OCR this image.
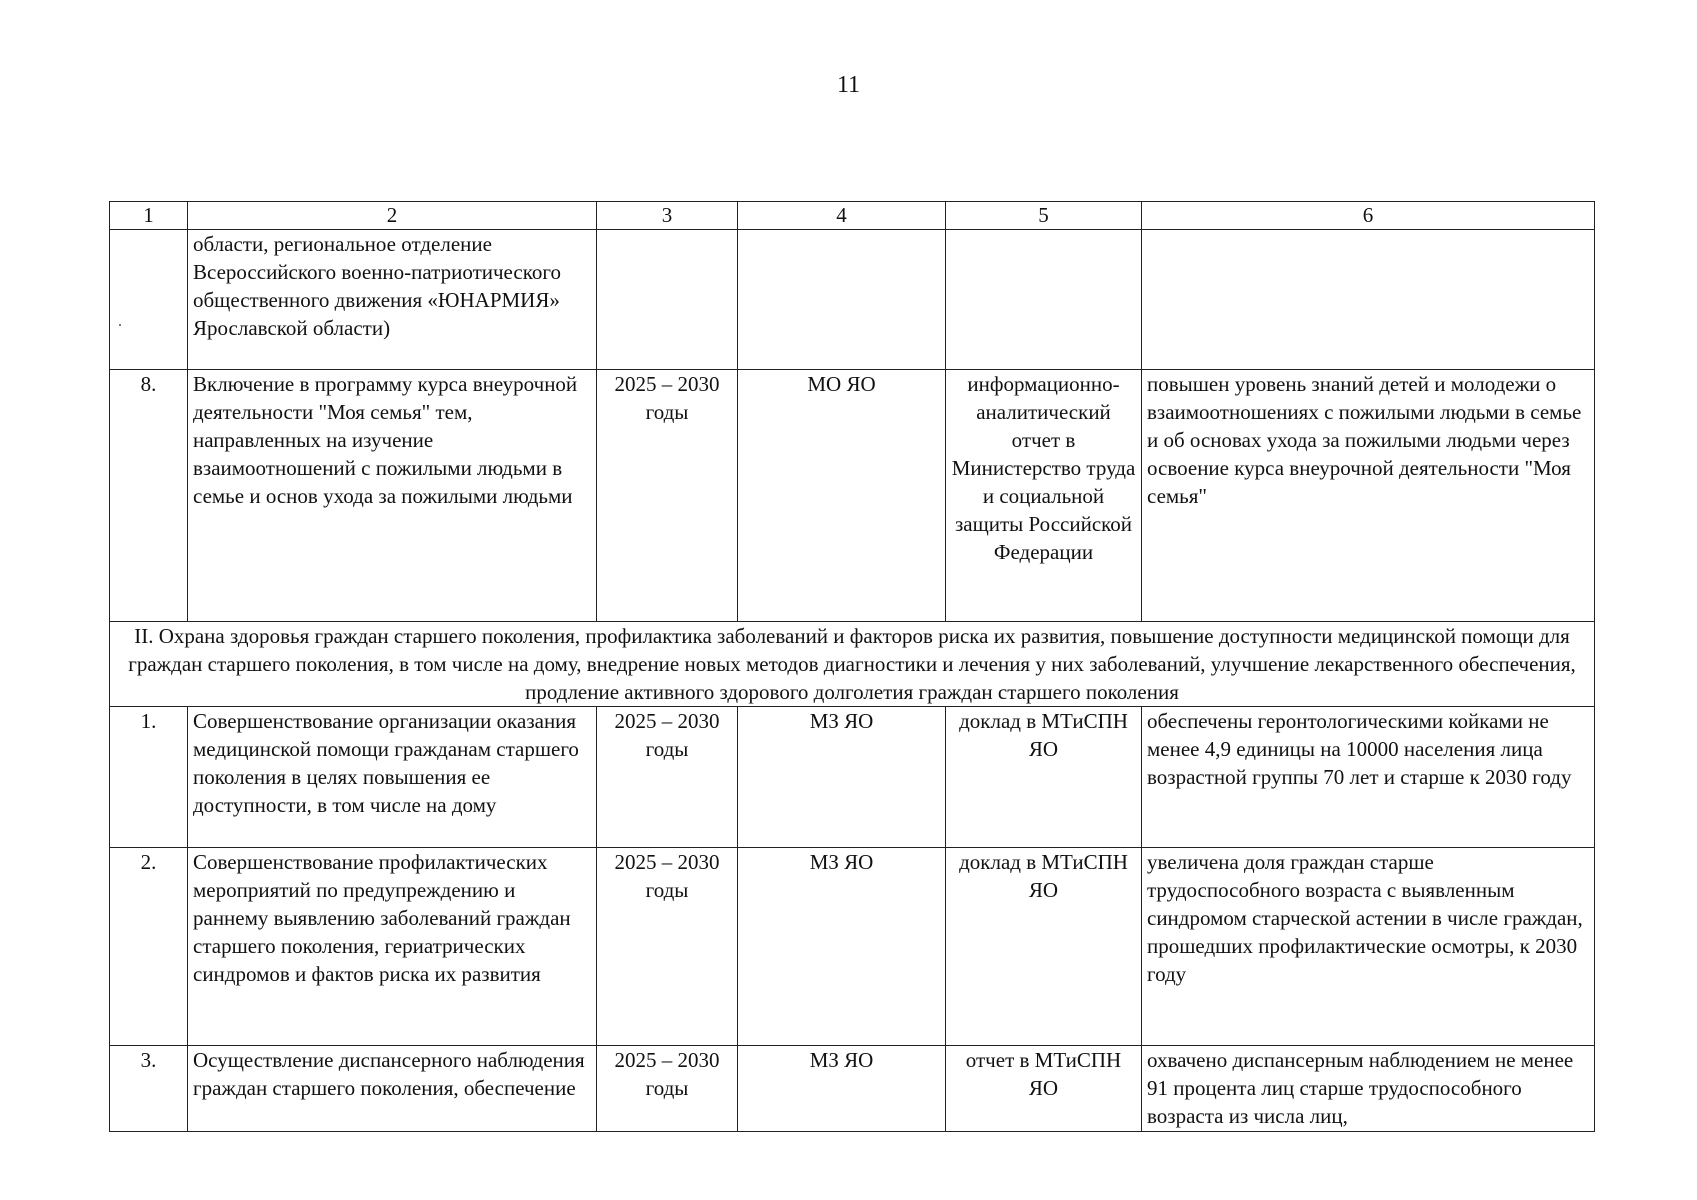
11
1	2	3	4	5	6
	области, региональное отделение Всероссийского военно-патриотического общественного движения «ЮНАРМИЯ» Ярославской области)				
8.	Включение в программу курса внеурочной деятельности "Моя семья" тем, направленных на изучение взаимоотношений с пожилыми людьми в семье и основ ухода за пожилыми людьми	2025 – 2030 годы	МО ЯО	информационно-аналитический отчет в Министерство труда и социальной защиты Российской Федерации	повышен уровень знаний детей и молодежи о взаимоотношениях с пожилыми людьми в семье и об основах ухода за пожилыми людьми через освоение курса внеурочной деятельности "Моя семья"
II. Охрана здоровья граждан старшего поколения, профилактика заболеваний и факторов риска их развития, повышение доступности медицинской помощи для граждан старшего поколения, в том числе на дому, внедрение новых методов диагностики и лечения у них заболеваний, улучшение лекарственного обеспечения, продление активного здорового долголетия граждан старшего поколения					
1.	Совершенствование организации оказания медицинской помощи гражданам старшего поколения в целях повышения ее доступности, в том числе на дому	2025 – 2030 годы	МЗ ЯО	доклад в МТиСПН ЯО	обеспечены геронтологическими койками не менее 4,9 единицы на 10000 населения лица возрастной группы 70 лет и старше к 2030 году
2.	Совершенствование профилактических мероприятий по предупреждению и раннему выявлению заболеваний граждан старшего поколения, гериатрических синдромов и фактов риска их развития	2025 – 2030 годы	МЗ ЯО	доклад в МТиСПН ЯО	увеличена доля граждан старше трудоспособного возраста с выявленным синдромом старческой астении в числе граждан, прошедших профилактические осмотры, к 2030 году
3.	Осуществление диспансерного наблюдения граждан старшего поколения, обеспечение	2025 – 2030 годы	МЗ ЯО	отчет в МТиСПН ЯО	охвачено диспансерным наблюдением не менее 91 процента лиц старше трудоспособного возраста из числа лиц,
